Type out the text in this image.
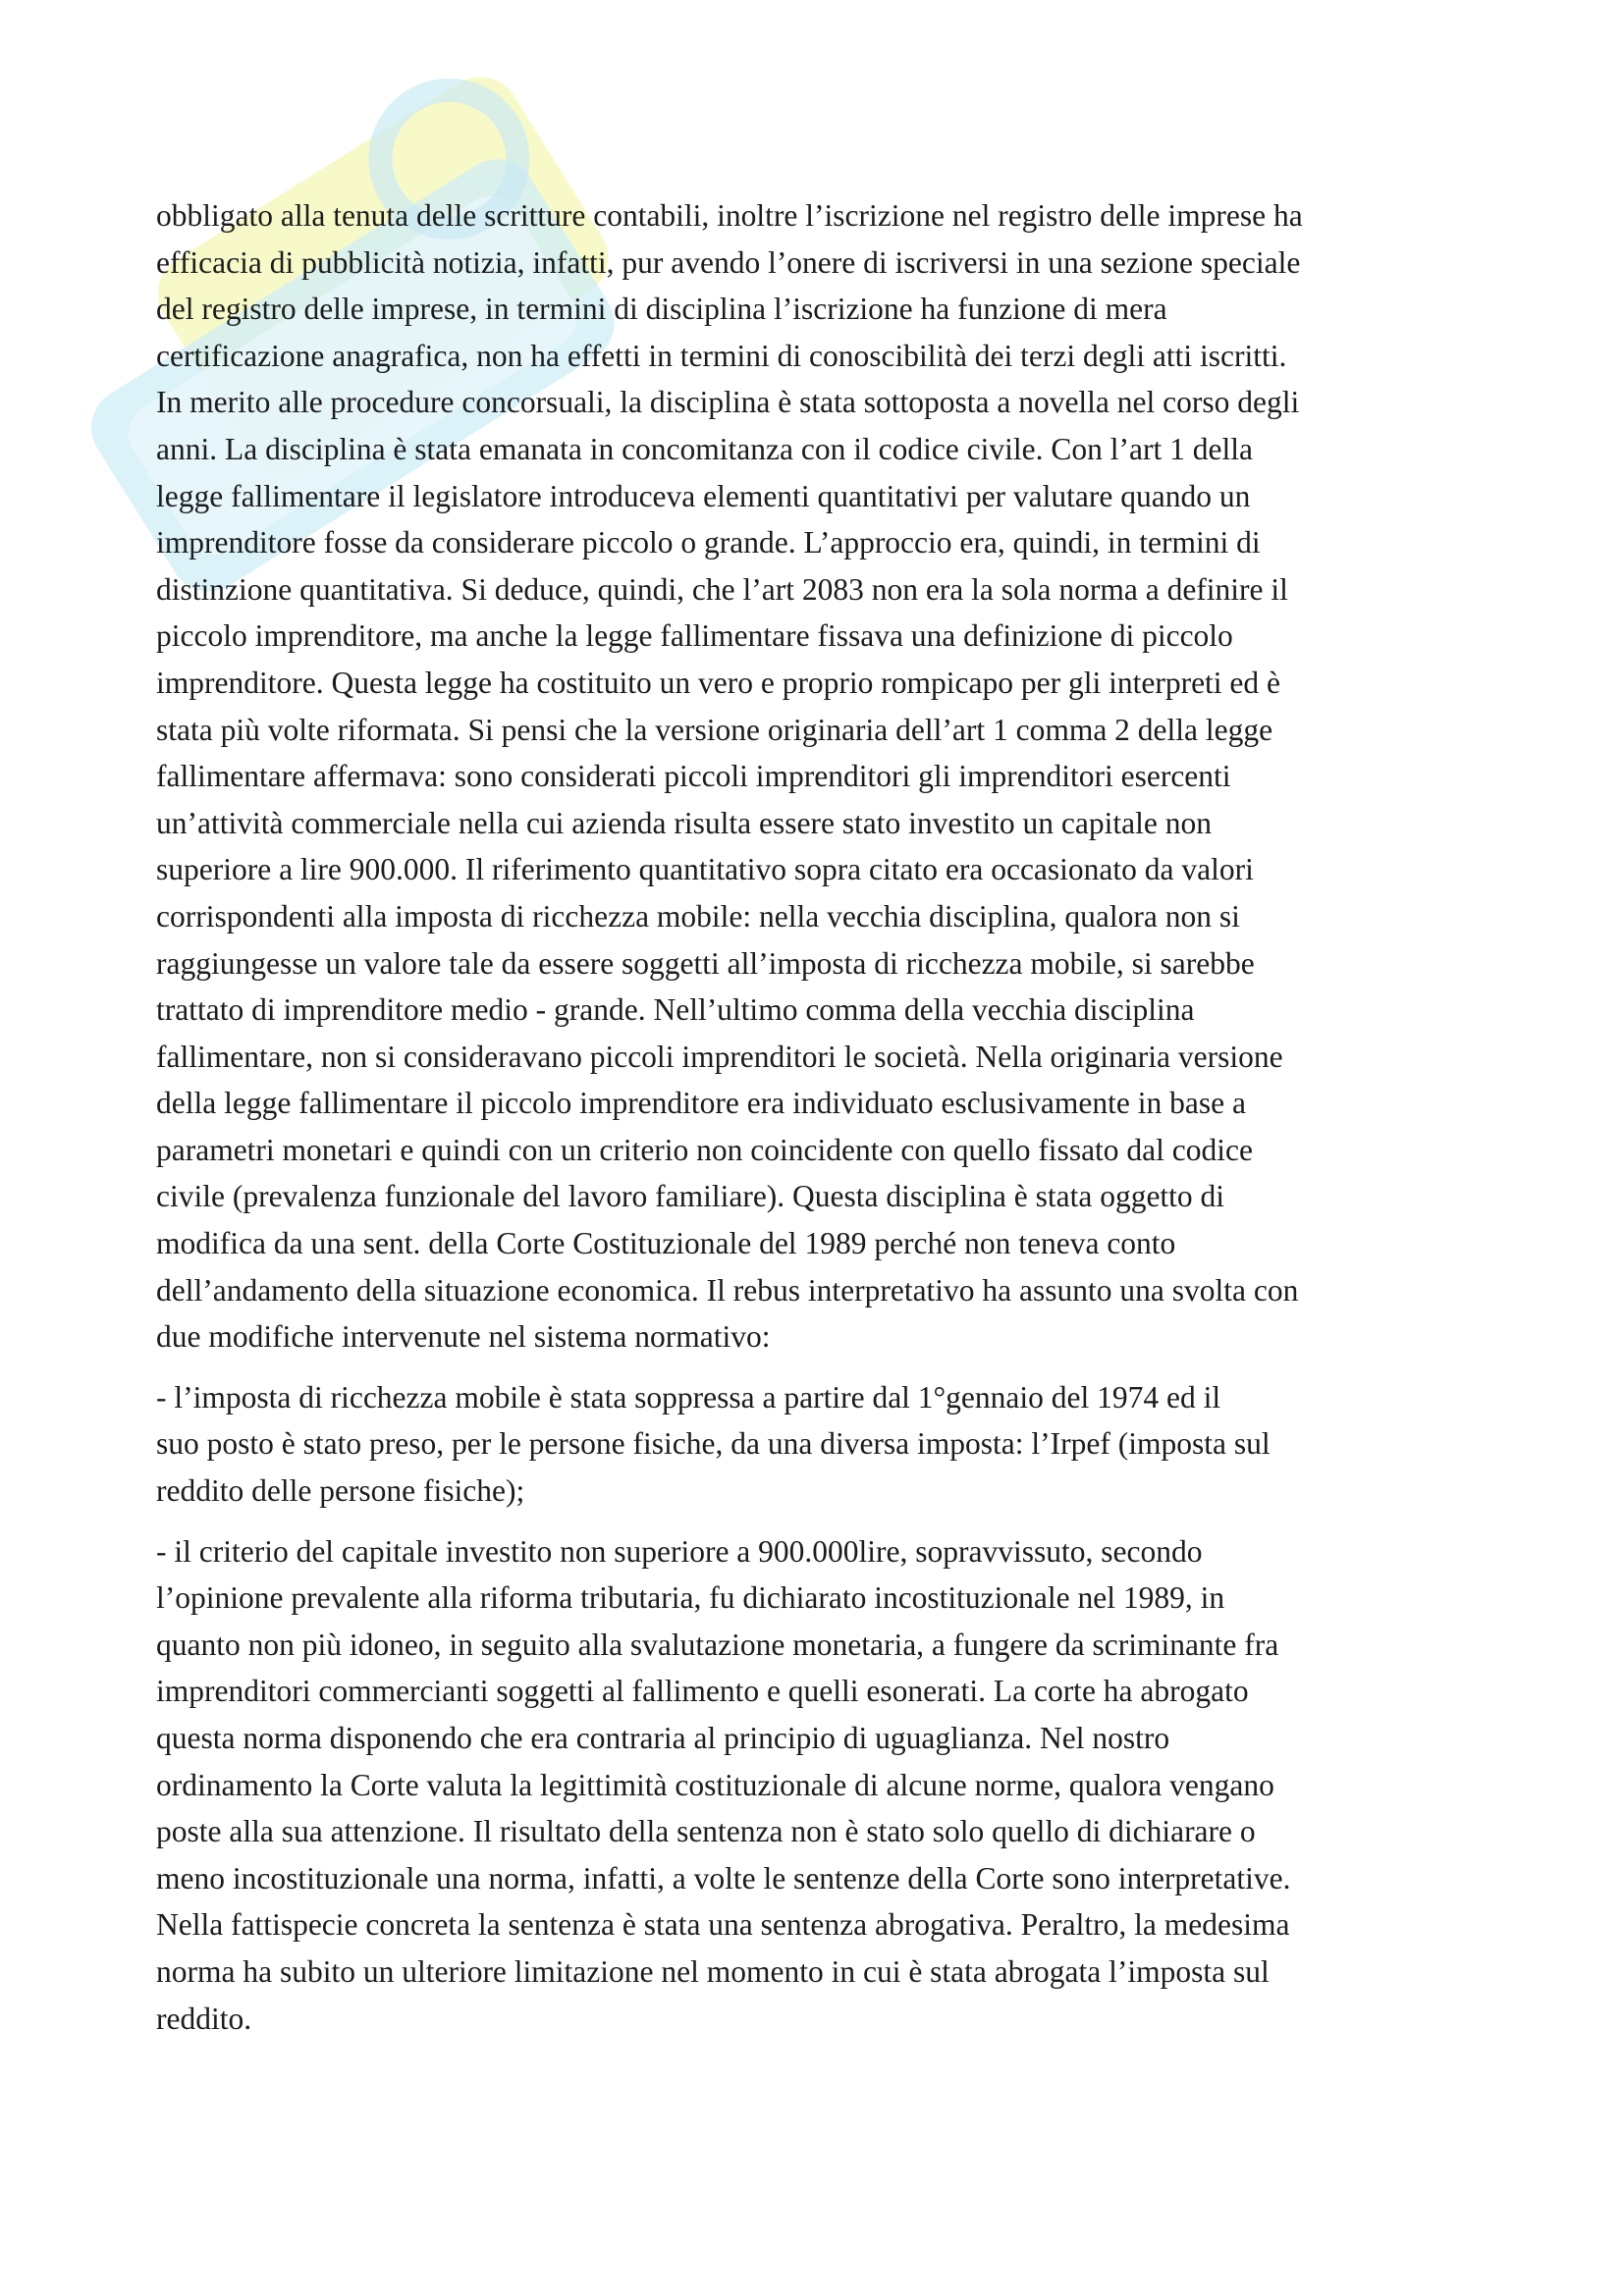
obbligato alla tenuta delle scritture contabili, inoltre l’iscrizione nel registro delle imprese ha
efficacia di pubblicità notizia, infatti, pur avendo l’onere di iscriversi in una sezione speciale
del registro delle imprese, in termini di disciplina l’iscrizione ha funzione di mera
certificazione anagrafica, non ha effetti in termini di conoscibilità dei terzi degli atti iscritti.
In merito alle procedure concorsuali, la disciplina è stata sottoposta a novella nel corso degli
anni. La disciplina è stata emanata in concomitanza con il codice civile. Con l’art 1 della
legge fallimentare il legislatore introduceva elementi quantitativi per valutare quando un
imprenditore fosse da considerare piccolo o grande. L’approccio era, quindi, in termini di
distinzione quantitativa. Si deduce, quindi, che l’art 2083 non era la sola norma a definire il
piccolo imprenditore, ma anche la legge fallimentare fissava una definizione di piccolo
imprenditore. Questa legge ha costituito un vero e proprio rompicapo per gli interpreti ed è
stata più volte riformata. Si pensi che la versione originaria dell’art 1 comma 2 della legge
fallimentare affermava: sono considerati piccoli imprenditori gli imprenditori esercenti
un’attività commerciale nella cui azienda risulta essere stato investito un capitale non
superiore a lire 900.000. Il riferimento quantitativo sopra citato era occasionato da valori
corrispondenti alla imposta di ricchezza mobile: nella vecchia disciplina, qualora non si
raggiungesse un valore tale da essere soggetti all’imposta di ricchezza mobile, si sarebbe
trattato di imprenditore medio - grande. Nell’ultimo comma della vecchia disciplina
fallimentare, non si consideravano piccoli imprenditori le società. Nella originaria versione
della legge fallimentare il piccolo imprenditore era individuato esclusivamente in base a
parametri monetari e quindi con un criterio non coincidente con quello fissato dal codice
civile (prevalenza funzionale del lavoro familiare). Questa disciplina è stata oggetto di
modifica da una sent. della Corte Costituzionale del 1989 perché non teneva conto
dell’andamento della situazione economica. Il rebus interpretativo ha assunto una svolta con
due modifiche intervenute nel sistema normativo:

- l’imposta di ricchezza mobile è stata soppressa a partire dal 1°gennaio del 1974 ed il
suo posto è stato preso, per le persone fisiche, da una diversa imposta: l’Irpef (imposta sul
reddito delle persone fisiche);

- il criterio del capitale investito non superiore a 900.000lire, sopravvissuto, secondo
l’opinione prevalente alla riforma tributaria, fu dichiarato incostituzionale nel 1989, in
quanto non più idoneo, in seguito alla svalutazione monetaria, a fungere da scriminante fra
imprenditori commercianti soggetti al fallimento e quelli esonerati. La corte ha abrogato
questa norma disponendo che era contraria al principio di uguaglianza. Nel nostro
ordinamento la Corte valuta la legittimità costituzionale di alcune norme, qualora vengano
poste alla sua attenzione. Il risultato della sentenza non è stato solo quello di dichiarare o
meno incostituzionale una norma, infatti, a volte le sentenze della Corte sono interpretative.
Nella fattispecie concreta la sentenza è stata una sentenza abrogativa. Peraltro, la medesima
norma ha subito un ulteriore limitazione nel momento in cui è stata abrogata l’imposta sul
reddito.
